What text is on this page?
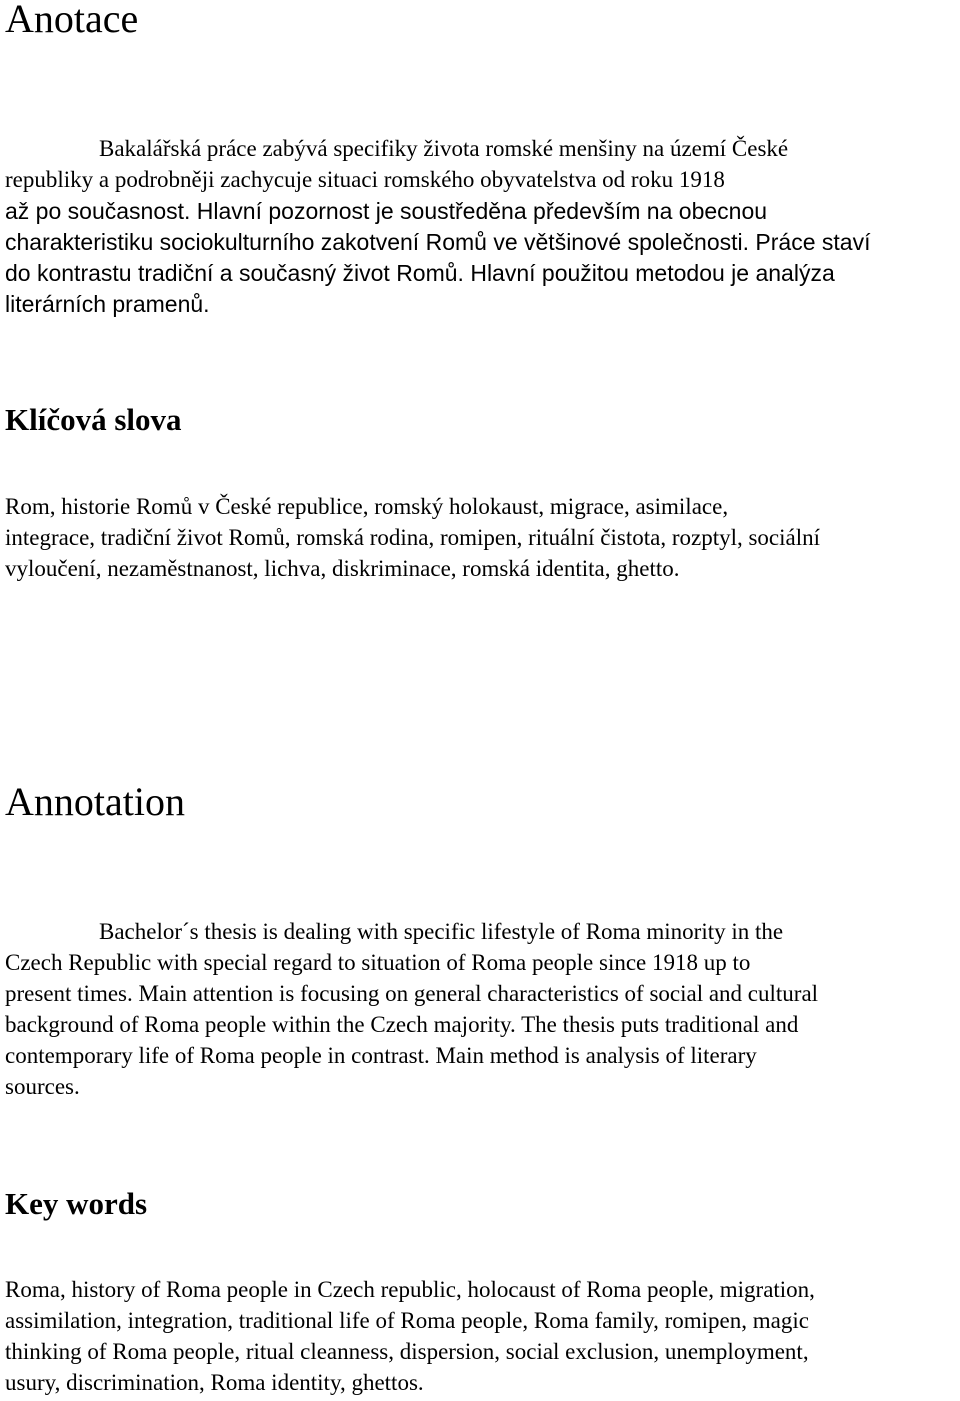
Anotace
Bakalářská práce zabývá specifiky života romské menšiny na území České
republiky a podrobněji zachycuje situaci romského obyvatelstva od roku 1918
až po současnost. Hlavní pozornost je soustředěna především na obecnou
charakteristiku sociokulturního zakotvení Romů ve většinové společnosti. Práce staví
do kontrastu tradiční a současný život Romů. Hlavní použitou metodou je analýza
literárních pramenů.
Klíčová slova
Rom, historie Romů v České republice, romský holokaust, migrace, asimilace,
integrace, tradiční život Romů, romská rodina, romipen, rituální čistota, rozptyl, sociální
vyloučení, nezaměstnanost, lichva, diskriminace, romská identita, ghetto.
Annotation
Bachelor´s thesis is dealing with specific lifestyle of Roma minority in the
Czech Republic with special regard to situation of Roma people since 1918 up to
present times. Main attention is focusing on general characteristics of social and cultural
background of Roma people within the Czech majority. The thesis puts traditional and
contemporary life of Roma people in contrast. Main method is analysis of literary
sources.
Key words
Roma, history of Roma people in Czech republic, holocaust of Roma people, migration,
assimilation, integration, traditional life of Roma people, Roma family, romipen, magic
thinking of Roma people, ritual cleanness, dispersion, social exclusion, unemployment,
usury, discrimination, Roma identity, ghettos.
